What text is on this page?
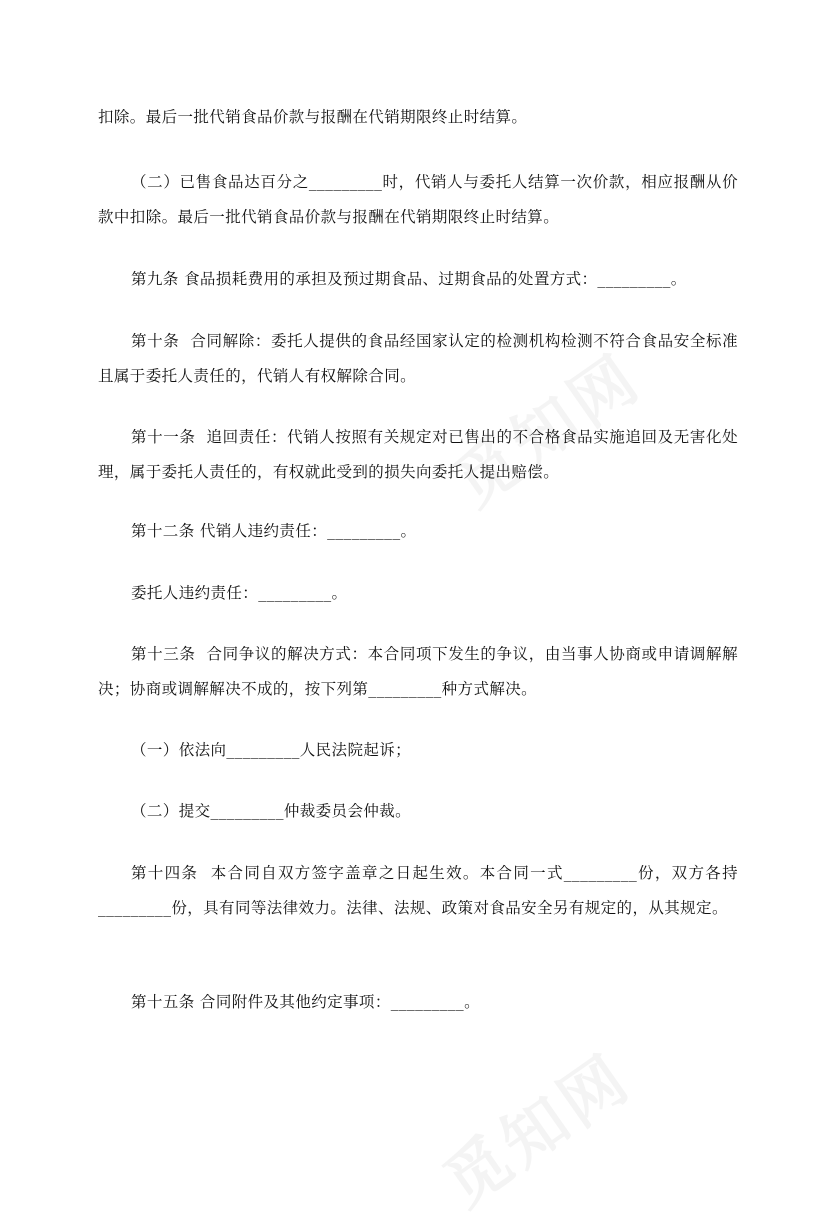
扣除。最后一批代销食品价款与报酬在代销期限终止时结算。

（二）已售食品达百分之_________时，代销人与委托人结算一次价款，相应报酬从价款中扣除。最后一批代销食品价款与报酬在代销期限终止时结算。

第九条 食品损耗费用的承担及预过期食品、过期食品的处置方式：_________。

第十条  合同解除：委托人提供的食品经国家认定的检测机构检测不符合食品安全标准且属于委托人责任的，代销人有权解除合同。

第十一条  追回责任：代销人按照有关规定对已售出的不合格食品实施追回及无害化处理，属于委托人责任的，有权就此受到的损失向委托人提出赔偿。

第十二条 代销人违约责任：_________。

委托人违约责任：_________。

第十三条  合同争议的解决方式：本合同项下发生的争议，由当事人协商或申请调解解决；协商或调解解决不成的，按下列第_________种方式解决。

（一）依法向_________人民法院起诉；

（二）提交_________仲裁委员会仲裁。

第十四条  本合同自双方签字盖章之日起生效。本合同一式_________份，双方各持_________份，具有同等法律效力。法律、法规、政策对食品安全另有规定的，从其规定。

第十五条 合同附件及其他约定事项：_________。
